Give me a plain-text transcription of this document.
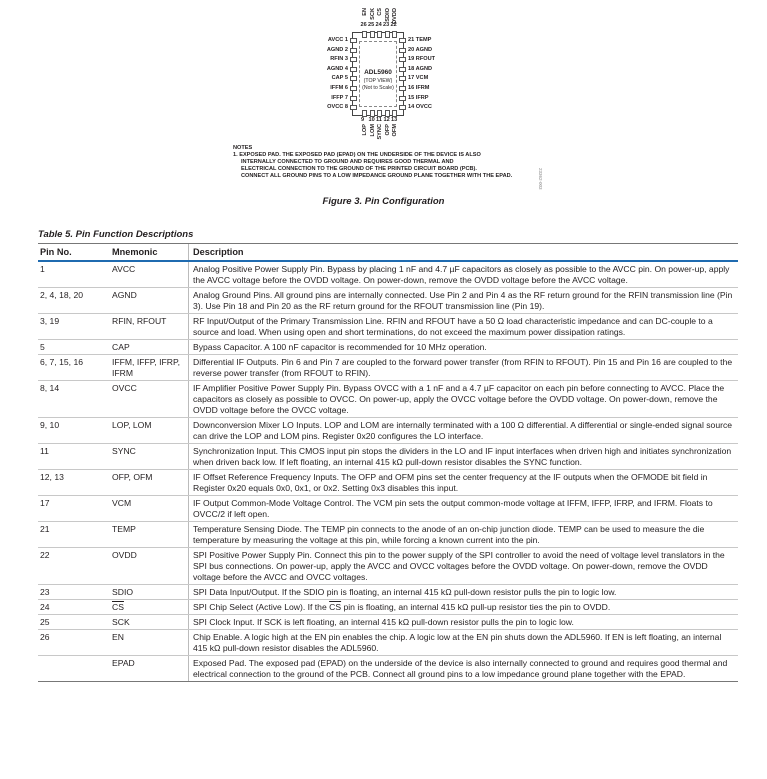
ADL5960
(TOP VIEW)
(Not to Scale)
AVCC 1
AGND 2
RFIN 3
AGND 4
CAP 5
IFFM 6
IFFP 7
OVCC 8
21 TEMP
20 AGND
19 RFOUT
18 AGND
17 VCM
16 IFRM
15 IFRP
14 OVCC
EN
26
SCK
25
CS
24
SDIO
23
OVDD
22
9
LOP
10
LOM
11
SYNC
12
OFP
13
OFM
NOTES
1. EXPOSED PAD. THE EXPOSED PAD (EPAD) ON THE UNDERSIDE OF THE DEVICE IS ALSO
INTERNALLY CONNECTED TO GROUND AND REQUIRES GOOD THERMAL AND
ELECTRICAL CONNECTION TO THE GROUND OF THE PRINTED CIRCUIT BOARD (PCB).
CONNECT ALL GROUND PINS TO A LOW IMPEDANCE GROUND PLANE TOGETHER WITH THE EPAD.	23362-003
Figure 3. Pin Configuration
Table 5. Pin Function Descriptions
Pin No.	Mnemonic	Description
1	AVCC	Analog Positive Power Supply Pin. Bypass by placing 1 nF and 4.7 µF capacitors as closely as possible to the AVCC pin. On power-up, apply the AVCC voltage before the OVDD voltage. On power-down, remove the OVDD voltage before the AVCC voltage.
2, 4, 18, 20	AGND	Analog Ground Pins. All ground pins are internally connected. Use Pin 2 and Pin 4 as the RF return ground for the RFIN transmission line (Pin 3). Use Pin 18 and Pin 20 as the RF return ground for the RFOUT transmission line (Pin 19).
3, 19	RFIN, RFOUT	RF Input/Output of the Primary Transmission Line. RFIN and RFOUT have a 50 Ω load characteristic impedance and can DC-couple to a source and load. When using open and short terminations, do not exceed the maximum power dissipation ratings.
5	CAP	Bypass Capacitor. A 100 nF capacitor is recommended for 10 MHz operation.
6, 7, 15, 16	IFFM, IFFP, IFRP, IFRM	Differential IF Outputs. Pin 6 and Pin 7 are coupled to the forward power transfer (from RFIN to RFOUT). Pin 15 and Pin 16 are coupled to the reverse power transfer (from RFOUT to RFIN).
8, 14	OVCC	IF Amplifier Positive Power Supply Pin. Bypass OVCC with a 1 nF and a 4.7 µF capacitor on each pin before connecting to AVCC. Place the capacitors as closely as possible to OVCC. On power-up, apply the OVCC voltage before the OVDD voltage. On power-down, remove the OVDD voltage before the OVCC voltage.
9, 10	LOP, LOM	Downconversion Mixer LO Inputs. LOP and LOM are internally terminated with a 100 Ω differential. A differential or single-ended signal source can drive the LOP and LOM pins. Register 0x20 configures the LO interface.
11	SYNC	Synchronization Input. This CMOS input pin stops the dividers in the LO and IF input interfaces when driven high and initiates synchronization when driven back low. If left floating, an internal 415 kΩ pull-down resistor disables the SYNC function.
12, 13	OFP, OFM	IF Offset Reference Frequency Inputs. The OFP and OFM pins set the center frequency at the IF outputs when the OFMODE bit field in Register 0x20 equals 0x0, 0x1, or 0x2. Setting 0x3 disables this input.
17	VCM	IF Output Common-Mode Voltage Control. The VCM pin sets the output common-mode voltage at IFFM, IFFP, IFRP, and IFRM. Floats to OVCC/2 if left open.
21	TEMP	Temperature Sensing Diode. The TEMP pin connects to the anode of an on-chip junction diode. TEMP can be used to measure the die temperature by measuring the voltage at this pin, while forcing a known current into the pin.
22	OVDD	SPI Positive Power Supply Pin. Connect this pin to the power supply of the SPI controller to avoid the need of voltage level translators in the SPI bus connections. On power-up, apply the AVCC and OVCC voltages before the OVDD voltage. On power-down, remove the OVDD voltage before the AVCC and OVCC voltages.
23	SDIO	SPI Data Input/Output. If the SDIO pin is floating, an internal 415 kΩ pull-down resistor pulls the pin to logic low.
24	$\overline{CS}$	SPI Chip Select (Active Low). If the $\overline{CS}$ pin is floating, an internal 415 kΩ pull-up resistor ties the pin to OVDD.
25	SCK	SPI Clock Input. If SCK is left floating, an internal 415 kΩ pull-down resistor pulls the pin to logic low.
26	EN	Chip Enable. A logic high at the EN pin enables the chip. A logic low at the EN pin shuts down the ADL5960. If EN is left floating, an internal 415 kΩ pull-down resistor disables the ADL5960.
	EPAD	Exposed Pad. The exposed pad (EPAD) on the underside of the device is also internally connected to ground and requires good thermal and electrical connection to the ground of the PCB. Connect all ground pins to a low impedance ground plane together with the EPAD.
